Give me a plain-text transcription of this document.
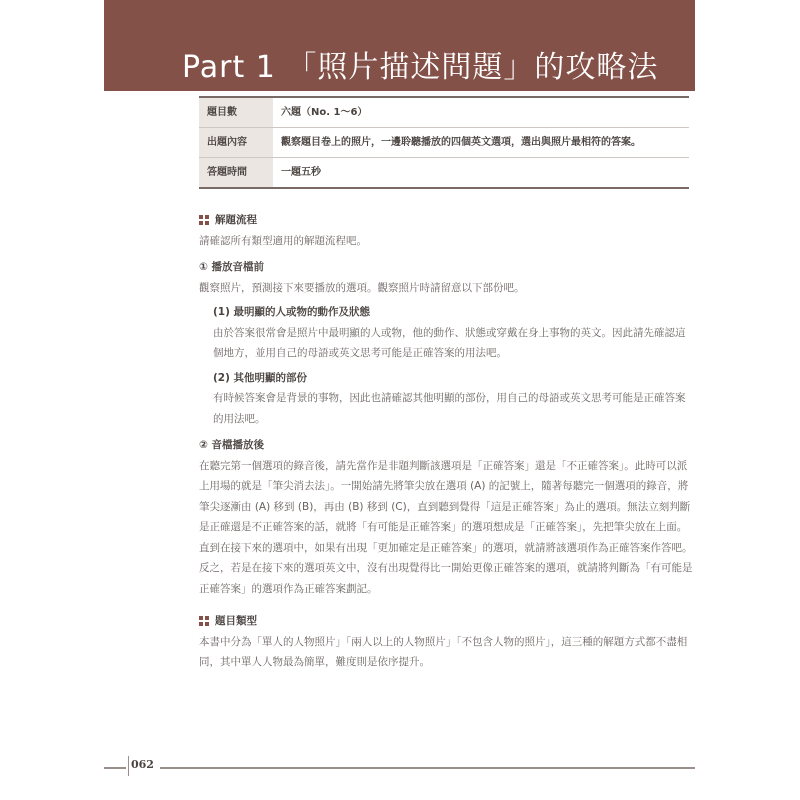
Part 1 「照片描述問題」的攻略法
題目數	六題（No. 1～6）
出題內容	觀察題目卷上的照片，一邊聆聽播放的四個英文選項，選出與照片最相符的答案。
答題時間	一題五秒
解題流程

請確認所有類型適用的解題流程吧。

① 播放音檔前

觀察照片，預測接下來要播放的選項。觀察照片時請留意以下部份吧。

(1) 最明顯的人或物的動作及狀態

由於答案很常會是照片中最明顯的人或物，他的動作、狀態或穿戴在身上事物的英文。因此請先確認這個地方，並用自己的母語或英文思考可能是正確答案的用法吧。

(2) 其他明顯的部份

有時候答案會是背景的事物，因此也請確認其他明顯的部份，用自己的母語或英文思考可能是正確答案的用法吧。

② 音檔播放後

在聽完第一個選項的錄音後，請先當作是非題判斷該選項是「正確答案」還是「不正確答案」。此時可以派上用場的就是「筆尖消去法」。一開始請先將筆尖放在選項 (A) 的記號上，隨著每聽完一個選項的錄音，將筆尖逐漸由 (A) 移到 (B)，再由 (B) 移到 (C)，直到聽到覺得「這是正確答案」為止的選項。無法立刻判斷是正確還是不正確答案的話，就將「有可能是正確答案」的選項想成是「正確答案」，先把筆尖放在上面。直到在接下來的選項中，如果有出現「更加確定是正確答案」的選項，就請將該選項作為正確答案作答吧。反之，若是在接下來的選項英文中，沒有出現覺得比一開始更像正確答案的選項，就請將判斷為「有可能是正確答案」的選項作為正確答案劃記。

題目類型

本書中分為「單人的人物照片」「兩人以上的人物照片」「不包含人物的照片」，這三種的解題方式都不盡相同，其中單人人物最為簡單，難度則是依序提升。

062
